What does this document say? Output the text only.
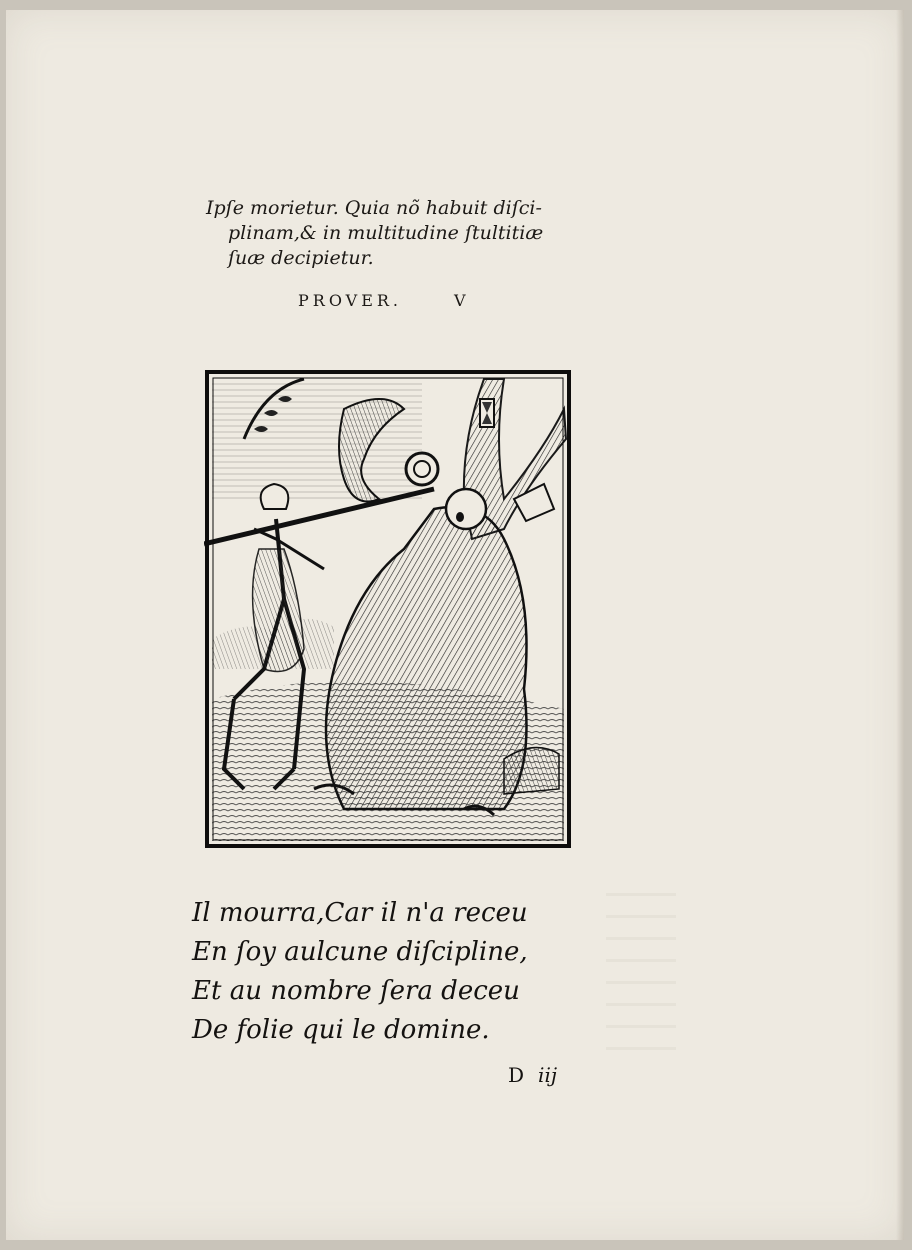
Ipſe morietur. Quia nõ habuit diſci-
plinam,& in multitudine ſtultitiæ
ſuæ decipietur.
PROVER.	V
Il mourra,Car il n'a receu
En ſoy aulcune diſcipline,
Et au nombre ſera deceu
De folie qui le domine.
D iij
